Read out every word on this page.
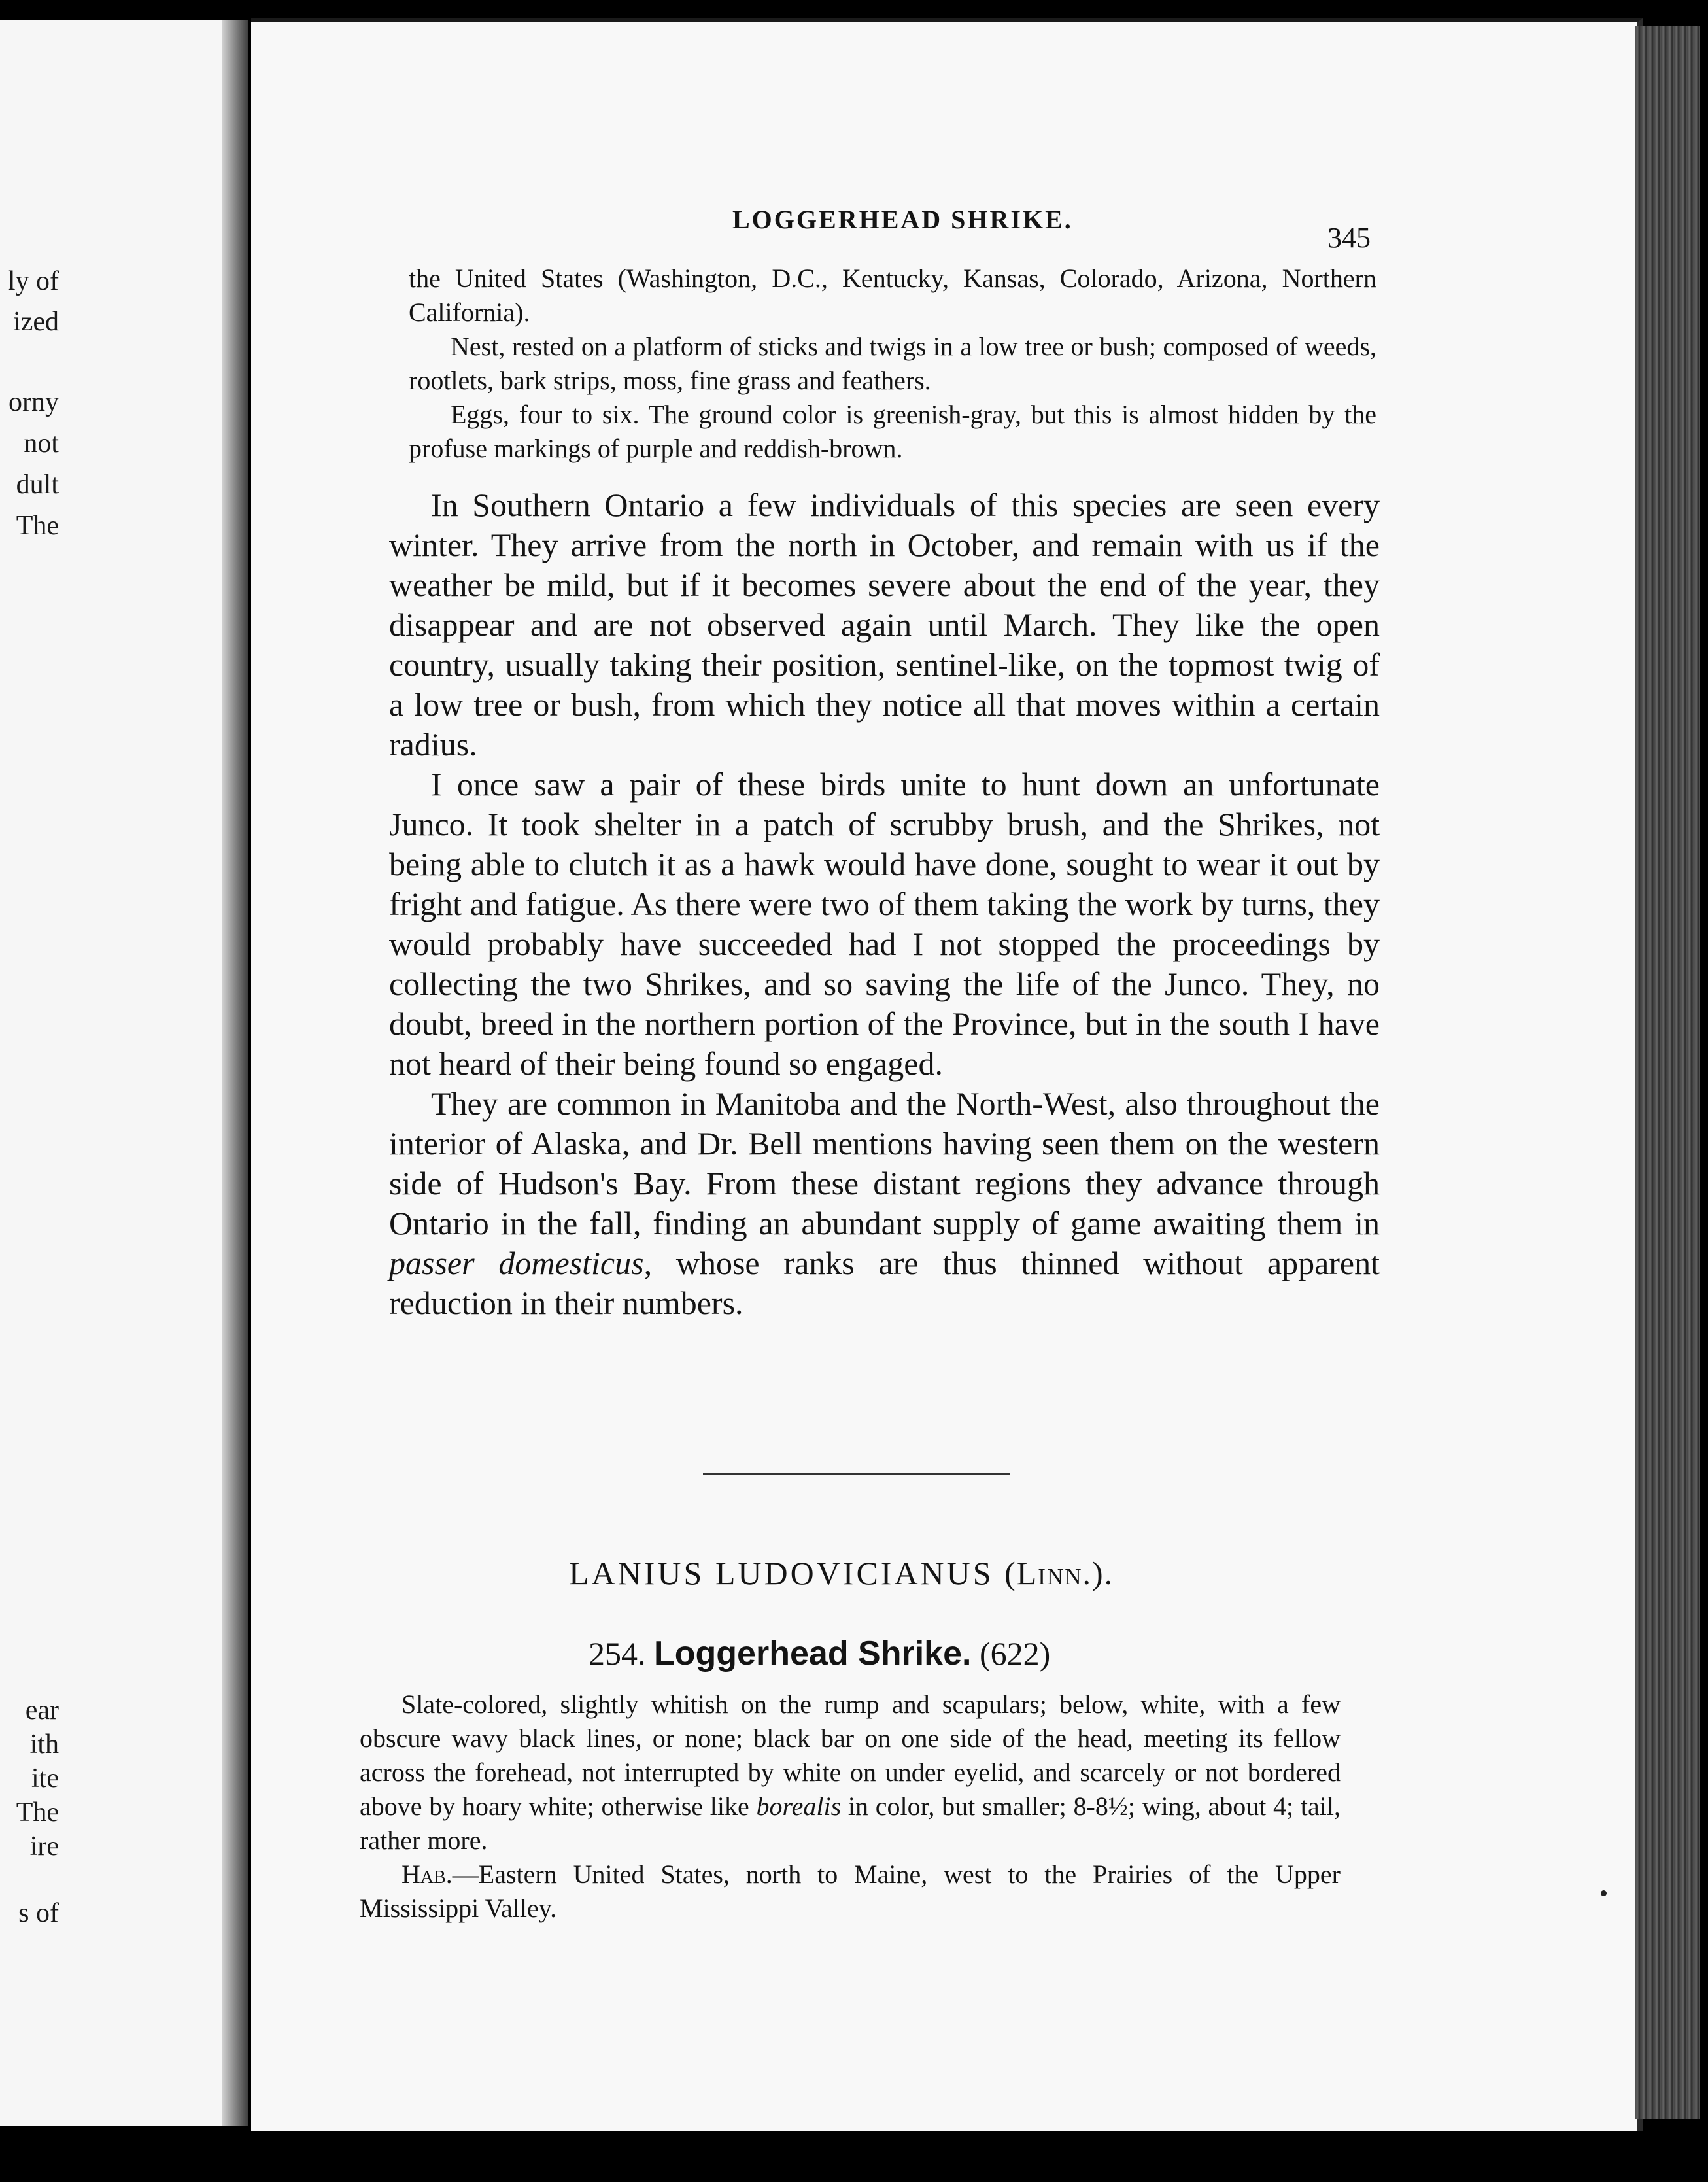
ly of
ized
orny
not
dult
The
ear
ith
ite
The
ire
s of
LOGGERHEAD SHRIKE.
345

the United States (Washington, D.C., Kentucky, Kansas, Colorado, Arizona, Northern California).

Nest, rested on a platform of sticks and twigs in a low tree or bush; composed of weeds, rootlets, bark strips, moss, fine grass and feathers.

Eggs, four to six. The ground color is greenish-gray, but this is almost hidden by the profuse markings of purple and reddish-brown.

In Southern Ontario a few individuals of this species are seen every winter. They arrive from the north in October, and remain with us if the weather be mild, but if it becomes severe about the end of the year, they disappear and are not observed again until March. They like the open country, usually taking their position, sentinel-like, on the topmost twig of a low tree or bush, from which they notice all that moves within a certain radius.

I once saw a pair of these birds unite to hunt down an unfortunate Junco. It took shelter in a patch of scrubby brush, and the Shrikes, not being able to clutch it as a hawk would have done, sought to wear it out by fright and fatigue. As there were two of them taking the work by turns, they would probably have succeeded had I not stopped the proceedings by collecting the two Shrikes, and so saving the life of the Junco. They, no doubt, breed in the northern portion of the Province, but in the south I have not heard of their being found so engaged.

They are common in Manitoba and the North-West, also throughout the interior of Alaska, and Dr. Bell mentions having seen them on the western side of Hudson's Bay. From these distant regions they advance through Ontario in the fall, finding an abundant supply of game awaiting them in passer domesticus, whose ranks are thus thinned without apparent reduction in their numbers.

LANIUS LUDOVICIANUS (Linn.).
254. Loggerhead Shrike. (622)

Slate-colored, slightly whitish on the rump and scapulars; below, white, with a few obscure wavy black lines, or none; black bar on one side of the head, meeting its fellow across the forehead, not interrupted by white on under eyelid, and scarcely or not bordered above by hoary white; otherwise like borealis in color, but smaller; 8-8½; wing, about 4; tail, rather more.

Hab.—Eastern United States, north to Maine, west to the Prairies of the Upper Mississippi Valley.
